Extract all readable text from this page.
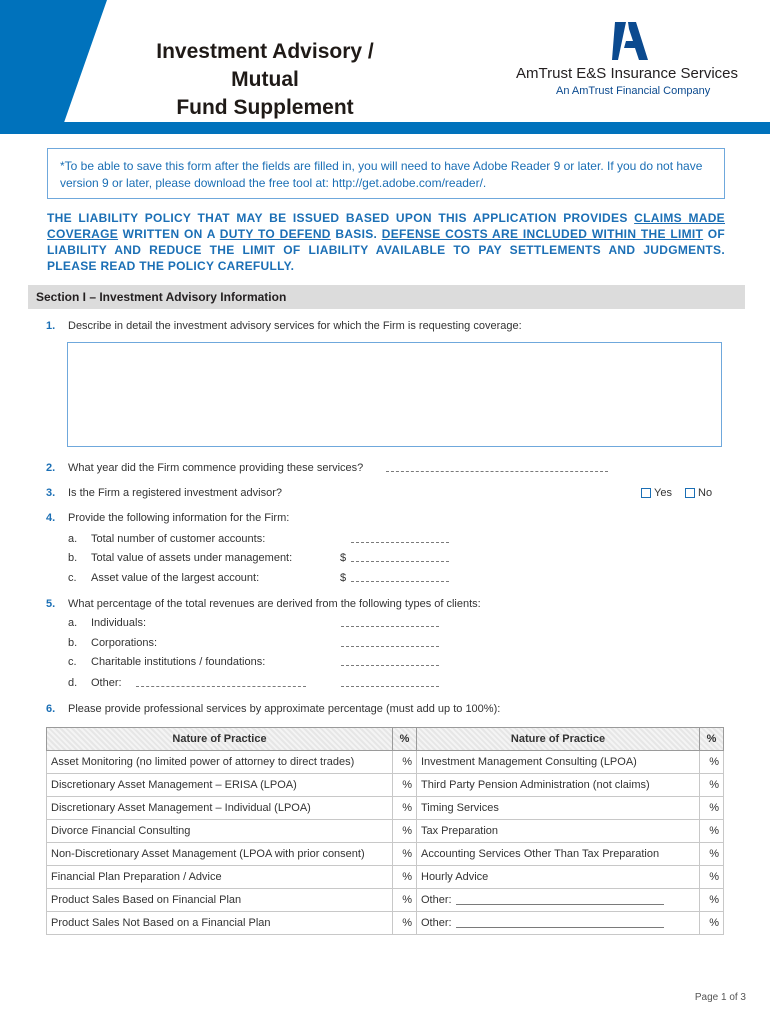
Investment Advisory / Mutual
Fund Supplement
AmTrust E&S Insurance Services
An AmTrust Financial Company
*To be able to save this form after the fields are filled in, you will need to have Adobe Reader 9 or later. If you do not have version 9 or later, please download the free tool at: http://get.adobe.com/reader/.
THE LIABILITY POLICY THAT MAY BE ISSUED BASED UPON THIS APPLICATION PROVIDES CLAIMS MADE COVERAGE WRITTEN ON A DUTY TO DEFEND BASIS. DEFENSE COSTS ARE INCLUDED WITHIN THE LIMIT OF LIABILITY AND REDUCE THE LIMIT OF LIABILITY AVAILABLE TO PAY SETTLEMENTS AND JUDGMENTS. PLEASE READ THE POLICY CAREFULLY.
Section I – Investment Advisory Information
1. Describe in detail the investment advisory services for which the Firm is requesting coverage:
2. What year did the Firm commence providing these services?
3. Is the Firm a registered investment advisor?	Yes No
4. Provide the following information for the Firm:
a. Total number of customer accounts:
b. Total value of assets under management:	$
c. Asset value of the largest account:	$
5. What percentage of the total revenues are derived from the following types of clients:
a. Individuals:
b. Corporations:
c. Charitable institutions / foundations:
d. Other:
6. Please provide professional services by approximate percentage (must add up to 100%):
Nature of Practice	%	Nature of Practice	%
Asset Monitoring (no limited power of attorney to direct trades)	%	Investment Management Consulting (LPOA)	%
Discretionary Asset Management – ERISA (LPOA)	%	Third Party Pension Administration (not claims)	%
Discretionary Asset Management – Individual (LPOA)	%	Timing Services	%
Divorce Financial Consulting	%	Tax Preparation	%
Non-Discretionary Asset Management (LPOA with prior consent)	%	Accounting Services Other Than Tax Preparation	%
Financial Plan Preparation / Advice	%	Hourly Advice	%
Product Sales Based on Financial Plan	%	Other:	%
Product Sales Not Based on a Financial Plan	%	Other:	%
Page 1 of 3
